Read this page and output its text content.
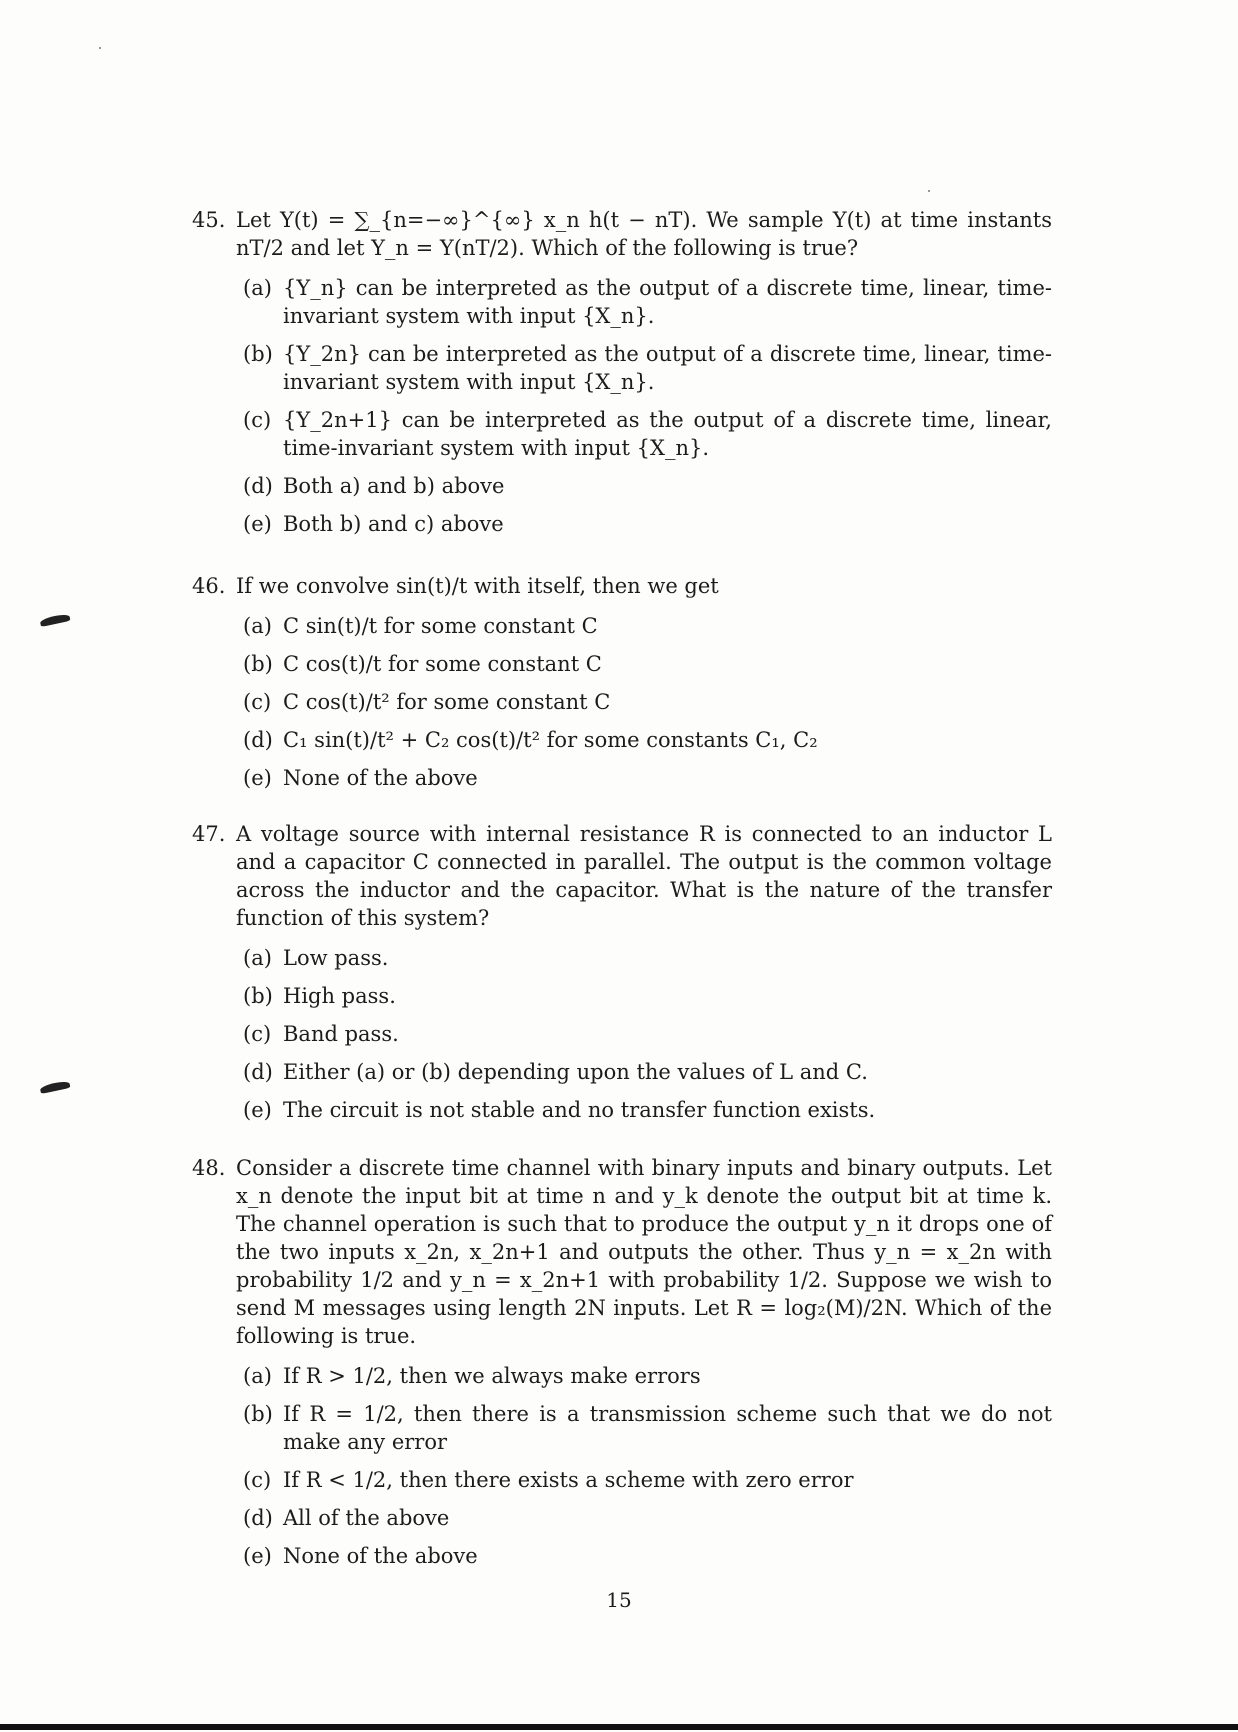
45. Let Y(t) = ∑_{n=−∞}^{∞} x_n h(t − nT). We sample Y(t) at time instants nT/2 and let Y_n = Y(nT/2). Which of the following is true?
(a) {Y_n} can be interpreted as the output of a discrete time, linear, time-invariant system with input {X_n}.
(b) {Y_2n} can be interpreted as the output of a discrete time, linear, time-invariant system with input {X_n}.
(c) {Y_2n+1} can be interpreted as the output of a discrete time, linear, time-invariant system with input {X_n}.
(d) Both a) and b) above
(e) Both b) and c) above
46. If we convolve sin(t)/t with itself, then we get
(a) C sin(t)/t for some constant C
(b) C cos(t)/t for some constant C
(c) C cos(t)/t² for some constant C
(d) C₁ sin(t)/t² + C₂ cos(t)/t² for some constants C₁, C₂
(e) None of the above
47. A voltage source with internal resistance R is connected to an inductor L and a capacitor C connected in parallel. The output is the common voltage across the inductor and the capacitor. What is the nature of the transfer function of this system?
(a) Low pass.
(b) High pass.
(c) Band pass.
(d) Either (a) or (b) depending upon the values of L and C.
(e) The circuit is not stable and no transfer function exists.
48. Consider a discrete time channel with binary inputs and binary outputs. Let x_n denote the input bit at time n and y_k denote the output bit at time k. The channel operation is such that to produce the output y_n it drops one of the two inputs x_2n, x_2n+1 and outputs the other. Thus y_n = x_2n with probability 1/2 and y_n = x_2n+1 with probability 1/2. Suppose we wish to send M messages using length 2N inputs. Let R = log₂(M)/2N. Which of the following is true.
(a) If R > 1/2, then we always make errors
(b) If R = 1/2, then there is a transmission scheme such that we do not make any error
(c) If R < 1/2, then there exists a scheme with zero error
(d) All of the above
(e) None of the above
15
